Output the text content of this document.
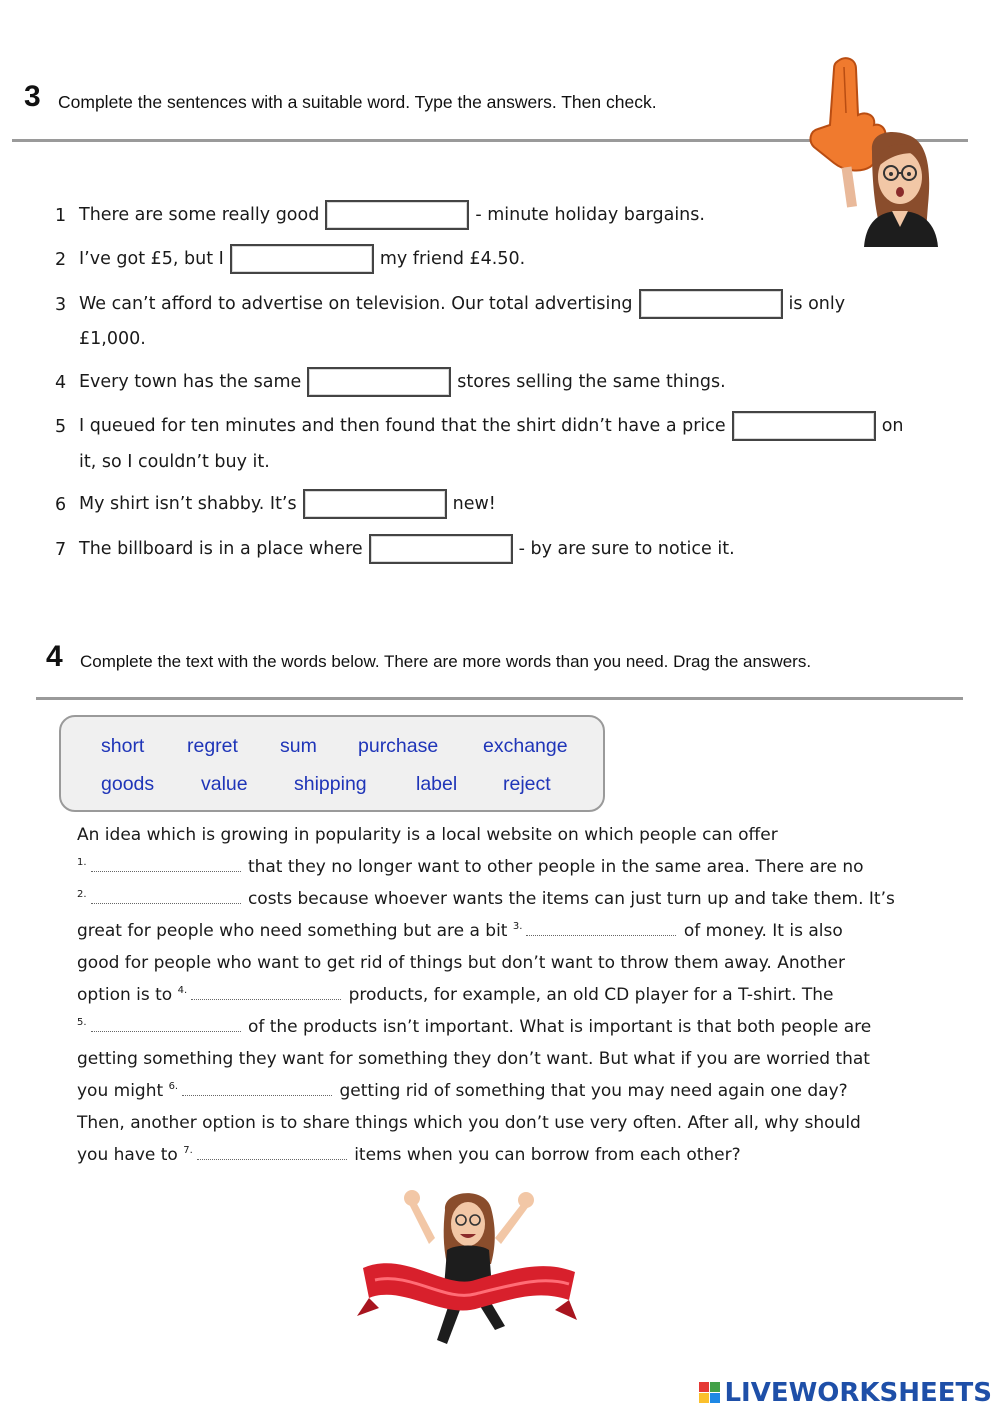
3 Complete the sentences with a suitable word. Type the answers. Then check.
1 There are some really good	- minute holiday bargains.
2 I’ve got £5, but I	my friend £4.50.
3 We can’t afford to advertise on television. Our total advertising	is only
£1,000.
4 Every town has the same	stores selling the same things.
5 I queued for ten minutes and then found that the shirt didn’t have a price	on
it, so I couldn’t buy it.
6 My shirt isn’t shabby. It’s	new!
7 The billboard is in a place where	- by are sure to notice it.
4 Complete the text with the words below. There are more words than you need. Drag the answers.
short regret sum purchase exchange
goods value shipping	label reject
An idea which is growing in popularity is a local website on which people can offer
$^{1.}$	that they no longer want to other people in the same area. There are no
$^{2.}$	costs because whoever wants the items can just turn up and take them. It’s
great for people who need something but are a bit $^{3.}$	of money. It is also
good for people who want to get rid of things but don’t want to throw them away. Another
option is to $^{4.}$	products, for example, an old CD player for a T-shirt. The
$^{5.}$	of the products isn’t important. What is important is that both people are
getting something they want for something they don’t want. But what if you are worried that
you might $^{6.}$	getting rid of something that you may need again one day?
Then, another option is to share things which you don’t use very often. After all, why should
you have to $^{7.}$	items when you can borrow from each other?
LIVEWORKSHEETS
